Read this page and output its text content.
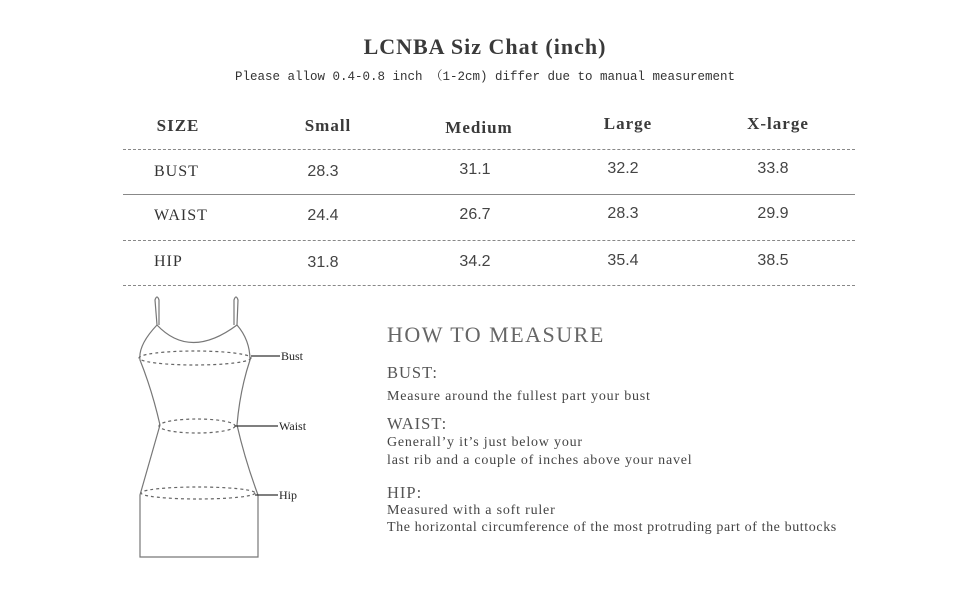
LCNBA Siz Chat (inch)
Please allow 0.4-0.8 inch （1-2cm) differ due to manual measurement
SIZE	Small	Medium	Large	X-large
BUST	28.3	31.1	32.2	33.8
WAIST	24.4	26.7	28.3	29.9
HIP	31.8	34.2	35.4	38.5
Bust
Waist
Hip
HOW TO MEASURE
BUST:
Measure around the fullest part your bust
WAIST:
Generall’y it’s just below your
last rib and a couple of inches above your navel
HIP:
Measured with a soft ruler
The horizontal circumference of the most protruding part of the buttocks
